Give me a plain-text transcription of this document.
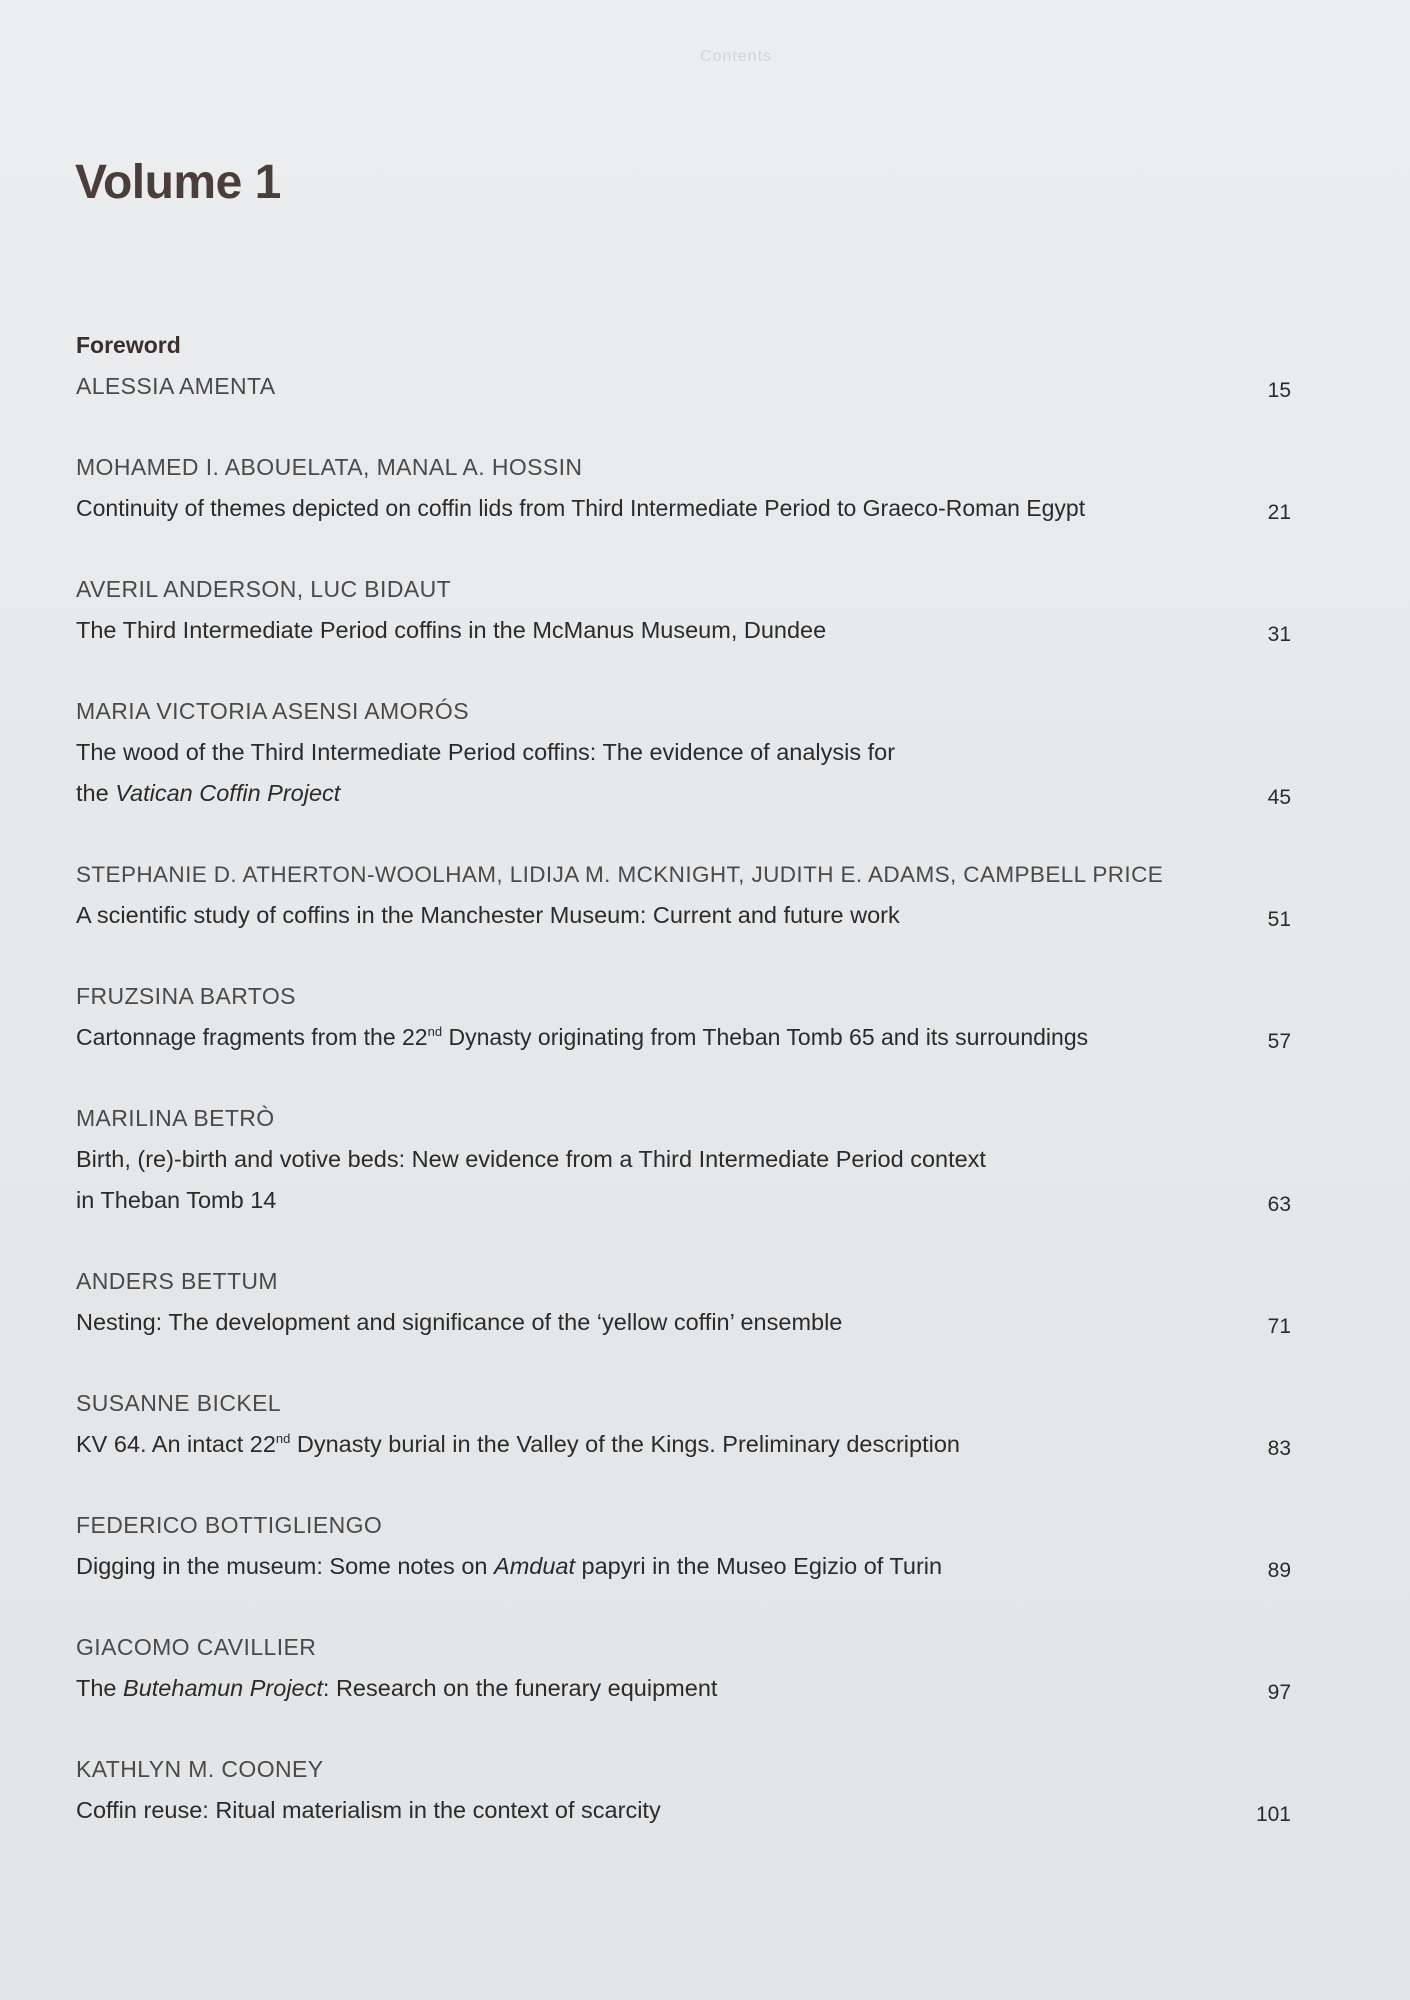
Contents
Volume 1
Foreword
ALESSIA AMENTA	15
MOHAMED I. ABOUELATA, MANAL A. HOSSIN
Continuity of themes depicted on coffin lids from Third Intermediate Period to Graeco-Roman Egypt	21
AVERIL ANDERSON, LUC BIDAUT
The Third Intermediate Period coffins in the McManus Museum, Dundee	31
MARIA VICTORIA ASENSI AMORÓS
The wood of the Third Intermediate Period coffins: The evidence of analysis for
the Vatican Coffin Project	45
STEPHANIE D. ATHERTON-WOOLHAM, LIDIJA M. MCKNIGHT, JUDITH E. ADAMS, CAMPBELL PRICE
A scientific study of coffins in the Manchester Museum: Current and future work	51
FRUZSINA BARTOS
Cartonnage fragments from the 22nd Dynasty originating from Theban Tomb 65 and its surroundings	57
MARILINA BETRÒ
Birth, (re)-birth and votive beds: New evidence from a Third Intermediate Period context
in Theban Tomb 14	63
ANDERS BETTUM
Nesting: The development and significance of the ‘yellow coffin’ ensemble	71
SUSANNE BICKEL
KV 64. An intact 22nd Dynasty burial in the Valley of the Kings. Preliminary description	83
FEDERICO BOTTIGLIENGO
Digging in the museum: Some notes on Amduat papyri in the Museo Egizio of Turin	89
GIACOMO CAVILLIER
The Butehamun Project: Research on the funerary equipment	97
KATHLYN M. COONEY
Coffin reuse: Ritual materialism in the context of scarcity	101
